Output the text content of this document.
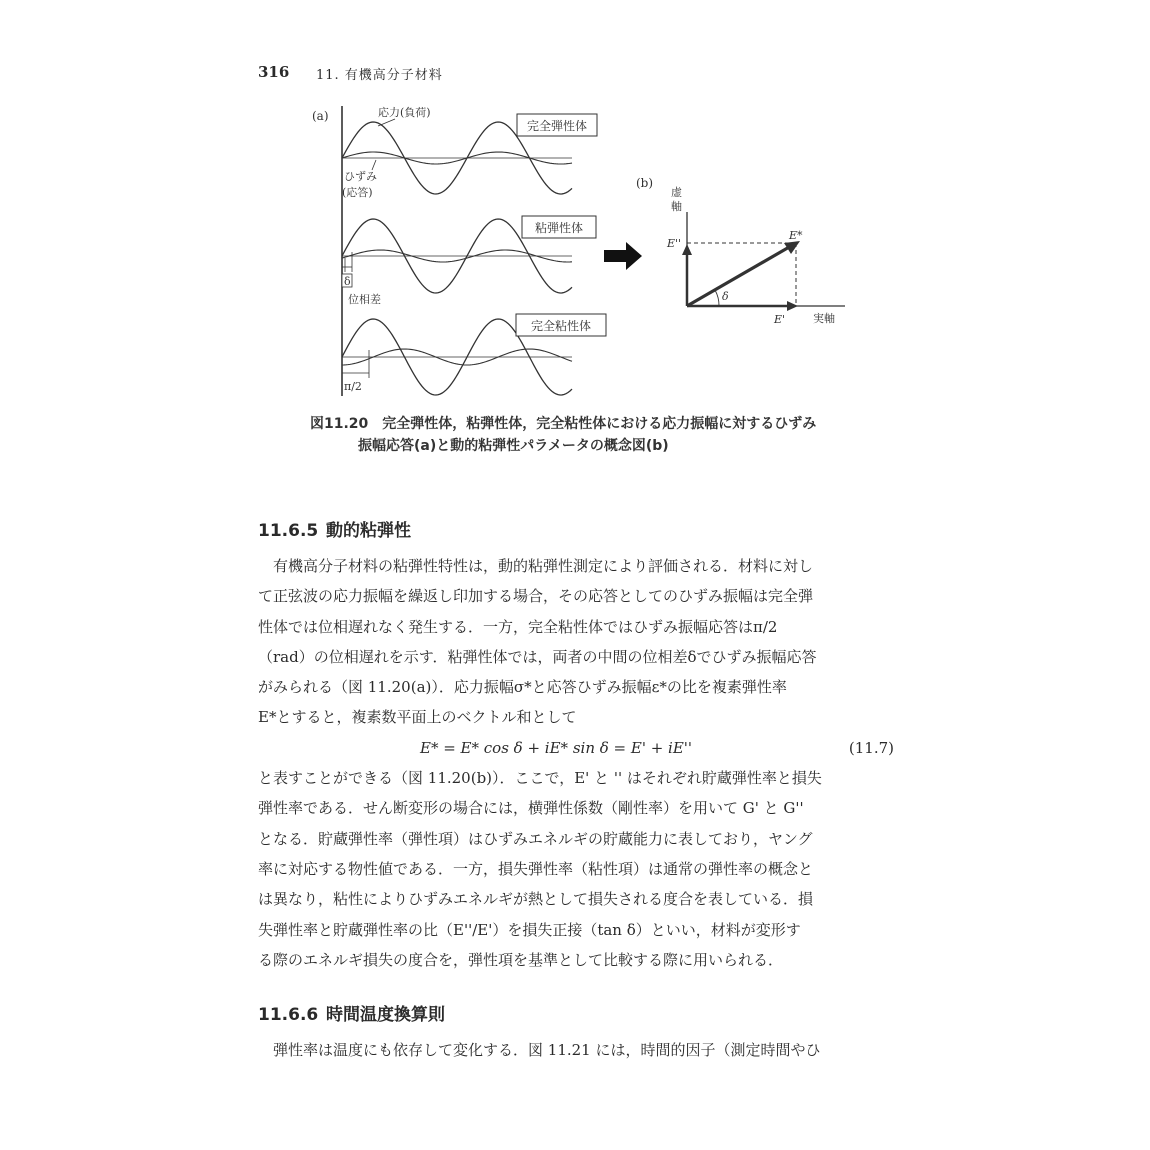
316 11. 有機高分子材料
(a)	応力(負荷)
完全弾性体
ひずみ
(応答)
粘弾性体
δ
位相差
完全粘性体
π/2
(b)
虚
軸
実軸
δ
E*
E''
E'
図11.20　完全弾性体，粘弾性体，完全粘性体における応力振幅に対するひずみ
振幅応答(a)と動的粘弾性パラメータの概念図(b)
11.6.5 動的粘弾性

　有機高分子材料の粘弾性特性は，動的粘弾性測定により評価される．材料に対し

て正弦波の応力振幅を繰返し印加する場合，その応答としてのひずみ振幅は完全弾

性体では位相遅れなく発生する．一方，完全粘性体ではひずみ振幅応答はπ/2

（rad）の位相遅れを示す．粘弾性体では，両者の中間の位相差δでひずみ振幅応答

がみられる（図 11.20(a)）．応力振幅σ*と応答ひずみ振幅ε*の比を複素弾性率

E*とすると，複素数平面上のベクトル和として

E* = E* cos δ + iE* sin δ = E' + iE''	(11.7)

と表すことができる（図 11.20(b)）．ここで，E' と '' はそれぞれ貯蔵弾性率と損失

弾性率である．せん断変形の場合には，横弾性係数（剛性率）を用いて G' と G''

となる．貯蔵弾性率（弾性項）はひずみエネルギの貯蔵能力に表しており，ヤング

率に対応する物性値である．一方，損失弾性率（粘性項）は通常の弾性率の概念と

は異なり，粘性によりひずみエネルギが熱として損失される度合を表している．損

失弾性率と貯蔵弾性率の比（E''/E'）を損失正接（tan δ）といい，材料が変形す

る際のエネルギ損失の度合を，弾性項を基準として比較する際に用いられる．

11.6.6 時間温度換算則

　弾性率は温度にも依存して変化する．図 11.21 には，時間的因子（測定時間やひ
